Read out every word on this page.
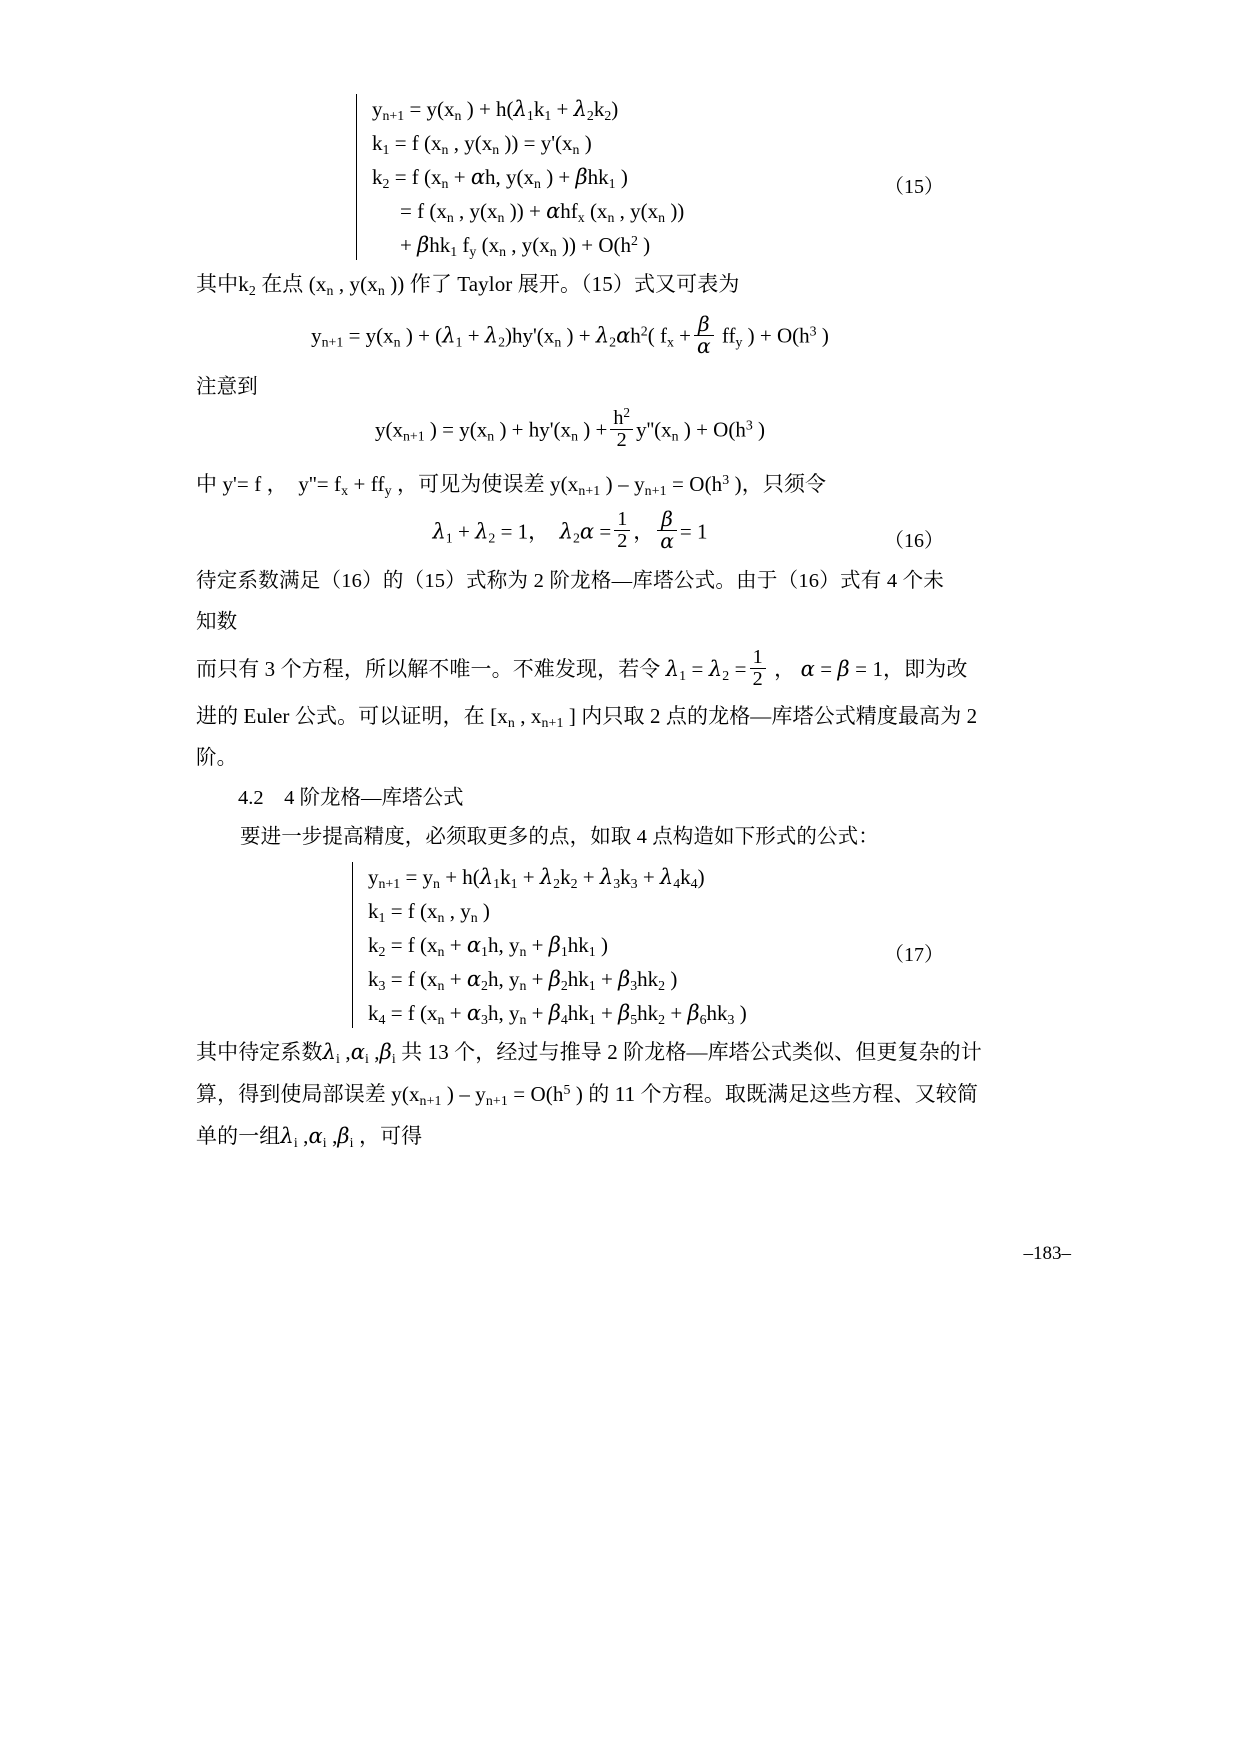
$y_{n+1} = y(x_n$ ) + $h(\lambda_1k_1 + \lambda_2k_2)$
$k_1 = f$ ($x_n$ , $y(x_n$ )) = $y'(x_n$ )
$k_2 = f$ ($x_n + \alpha h$, $y(x_n$ ) + βhk$_1$ )
= f ($x_n$ , $y(x_n$ )) + αhf$_x$ ($x_n$ , $y(x_n$ ))
+ βhk$_1$ $f_y$ ($x_n$ , $y(x_n$ )) + $O(h^2$ )
（15）

其中$k_2$ 在点 ($x_n$ , $y(x_n$ )) 作了 Taylor 展开。（15）式又可表为

$y_{n+1} = y(x_n$ ) + $(\lambda_1 + \lambda_2)hy'(x_n$ ) + $\lambda_2\alpha h^2$( $f_x + \frac{\beta}{\alpha} ff_y$ ) + $O(h^3$ )

注意到

$y(x_{n+1}$ ) = $y(x_n$ ) + $hy'(x_n$ ) + $\frac{h^2}{2} y''(x_n$ ) + $O(h^3$ )

中 y'= f ，　$y''= f_x + ff_y$ ，可见为使误差 $y(x_{n+1}$ ) – $y_{n+1} = O(h^3$ )，只须令

$\lambda_1 + \lambda_2 = 1$，　$\lambda_2\alpha = \frac{1}{2}$ ， $\frac{\beta}{\alpha} = 1$	（16）

待定系数满足（16）的（15）式称为 2 阶龙格—库塔公式。由于（16）式有 4 个未知数

而只有 3 个方程，所以解不唯一。不难发现，若令 $\lambda_1 = \lambda_2 = \frac{1}{2}$ ， α = β = 1，即为改

进的 Euler 公式。可以证明，在 [$x_n$ , $x_{n+1}$ ] 内只取 2 点的龙格—库塔公式精度最高为 2

阶。

4.2　4 阶龙格—库塔公式

要进一步提高精度，必须取更多的点，如取 4 点构造如下形式的公式：

$y_{n+1} = y_n + h(\lambda_1k_1 + \lambda_2k_2 + \lambda_3k_3 + \lambda_4k_4)$
$k_1 = f$ ($x_n$ , $y_n$ )
$k_2 = f$ ($x_n + \alpha_1h$, $y_n + \beta_1hk_1$ )
$k_3 = f$ ($x_n + \alpha_2h$, $y_n + \beta_2hk_1 + \beta_3hk_2$ )
$k_4 = f$ ($x_n + \alpha_3h$, $y_n + \beta_4hk_1 + \beta_5hk_2 + \beta_6hk_3$ )
（17）

其中待定系数$\lambda_i$ $,\alpha_i$ $,\beta_i$ 共 13 个，经过与推导 2 阶龙格—库塔公式类似、但更复杂的计

算，得到使局部误差 $y(x_{n+1}$ ) – $y_{n+1} = O(h^5$ ) 的 11 个方程。取既满足这些方程、又较简

单的一组$\lambda_i$ $,\alpha_i$ $,\beta_i$ ，可得

–183–
